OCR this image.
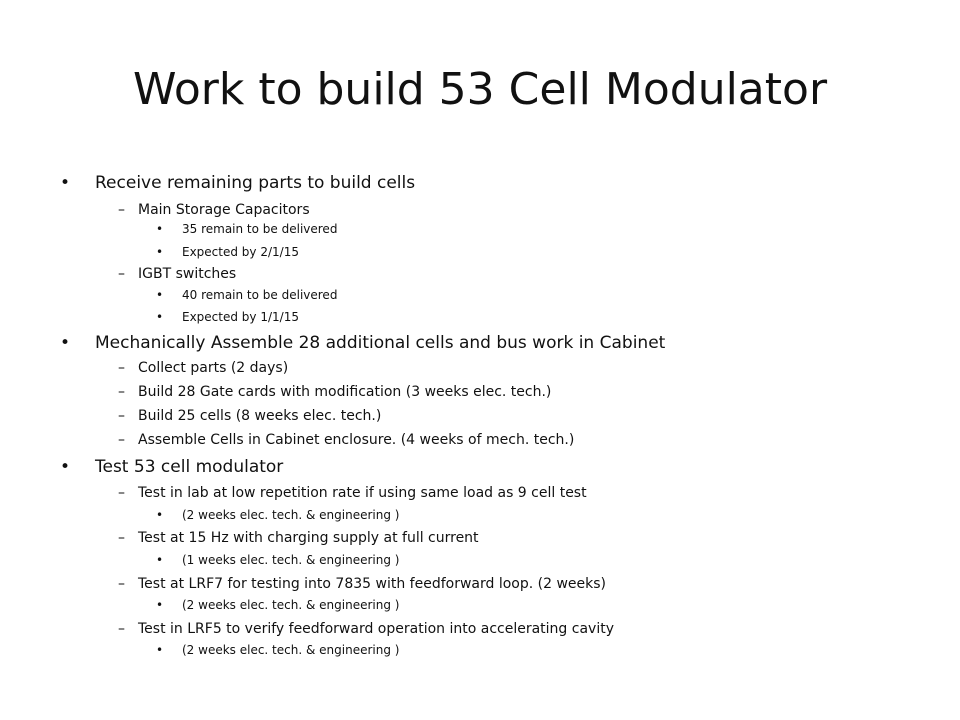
Work to build 53 Cell Modulator
• Receive remaining parts to build cells
– Main Storage Capacitors
• 35 remain to be delivered
• Expected by 2/1/15
– IGBT switches
• 40 remain to be delivered
• Expected by 1/1/15
• Mechanically Assemble 28 additional cells and bus work in Cabinet
– Collect parts (2 days)
– Build 28 Gate cards with modification (3 weeks elec. tech.)
– Build 25 cells (8 weeks elec. tech.)
– Assemble Cells in Cabinet enclosure. (4 weeks of mech. tech.)
• Test 53 cell modulator
– Test in lab at low repetition rate if using same load as 9 cell test
• (2 weeks elec. tech. & engineering )
– Test at 15 Hz with charging supply at full current
• (1 weeks elec. tech. & engineering )
– Test at LRF7 for testing into 7835 with feedforward loop. (2 weeks)
• (2 weeks elec. tech. & engineering )
– Test in LRF5 to verify feedforward operation into accelerating cavity
• (2 weeks elec. tech. & engineering )
